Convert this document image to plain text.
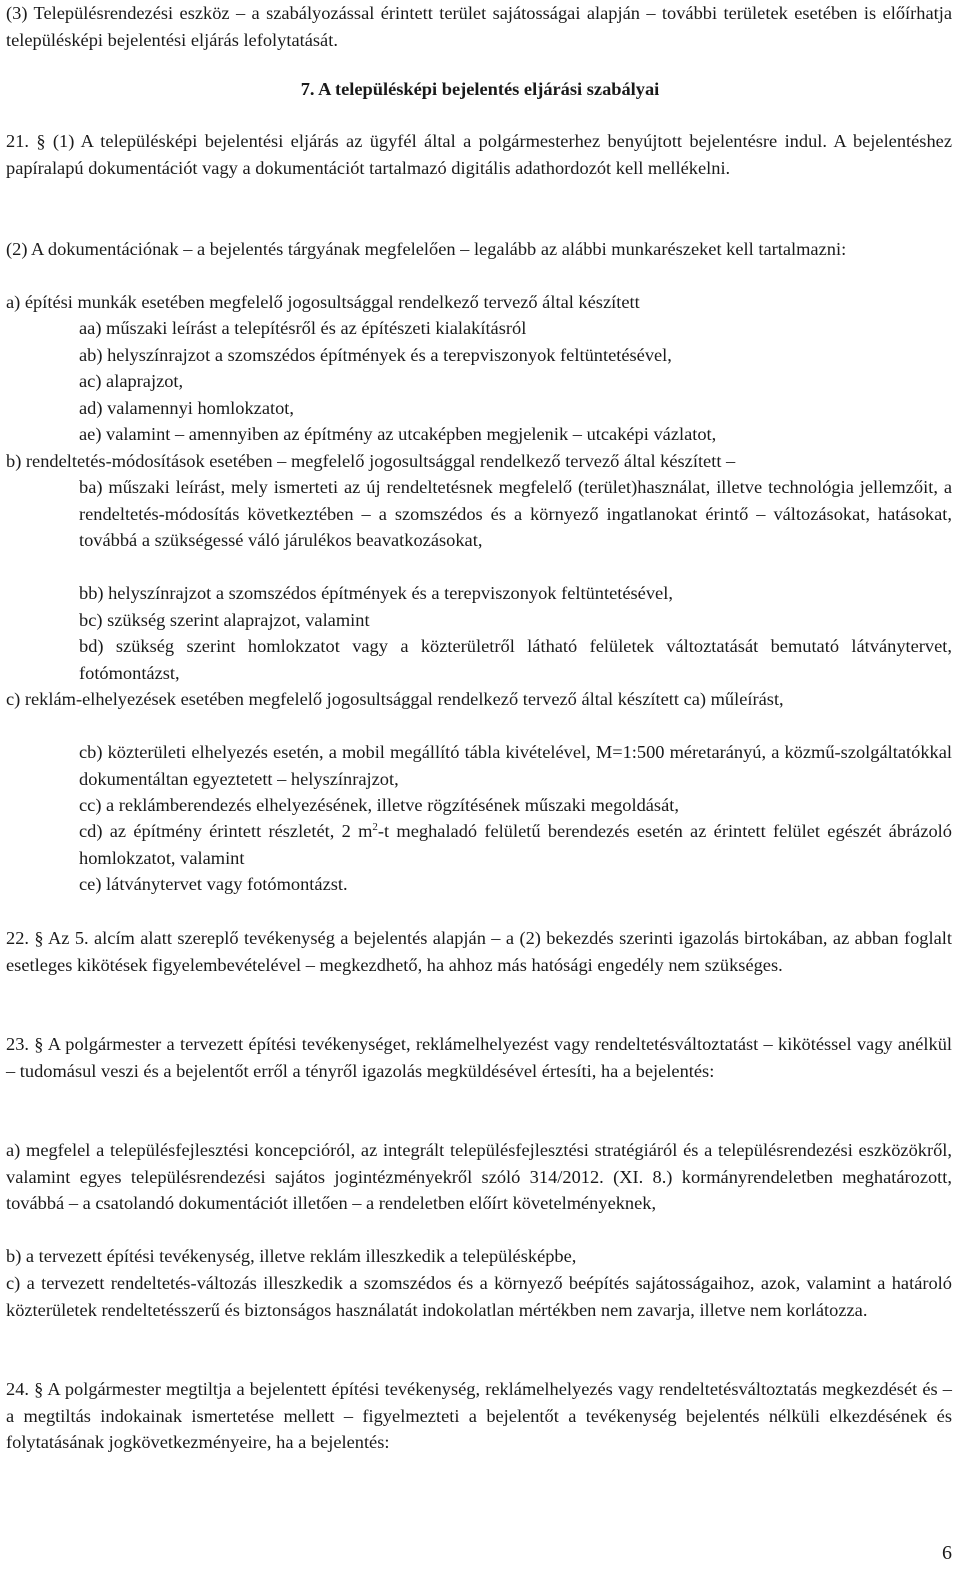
(3) Településrendezési eszköz – a szabályozással érintett terület sajátosságai alapján – további területek esetében is előírhatja településképi bejelentési eljárás lefolytatását.

7. A településképi bejelentés eljárási szabályai

21. § (1) A településképi bejelentési eljárás az ügyfél által a polgármesterhez benyújtott bejelentésre indul. A bejelentéshez papíralapú dokumentációt vagy a dokumentációt tartalmazó digitális adathordozót kell mellékelni.

(2) A dokumentációnak – a bejelentés tárgyának megfelelően – legalább az alábbi munkarészeket kell tartalmazni:

a) építési munkák esetében megfelelő jogosultsággal rendelkező tervező által készített
aa) műszaki leírást a telepítésről és az építészeti kialakításról
ab) helyszínrajzot a szomszédos építmények és a terepviszonyok feltüntetésével,
ac) alaprajzot,
ad) valamennyi homlokzatot,
ae) valamint – amennyiben az építmény az utcaképben megjelenik – utcaképi vázlatot,
b) rendeltetés-módosítások esetében – megfelelő jogosultsággal rendelkező tervező által készített –

ba) műszaki leírást, mely ismerteti az új rendeltetésnek megfelelő (terület)használat, illetve technológia jellemzőit, a rendeltetés-módosítás következtében – a szomszédos és a környező ingatlanokat érintő – változásokat, hatásokat, továbbá a szükségessé váló járulékos beavatkozásokat,

bb) helyszínrajzot a szomszédos építmények és a terepviszonyok feltüntetésével,
bc) szükség szerint alaprajzot, valamint

bd) szükség szerint homlokzatot vagy a közterületről látható felületek változtatását bemutató látványtervet, fotómontázst,

c) reklám-elhelyezések esetében megfelelő jogosultsággal rendelkező tervező által készített ca) műleírást,

cb) közterületi elhelyezés esetén, a mobil megállító tábla kivételével, M=1:500 méretarányú, a közmű-szolgáltatókkal dokumentáltan egyeztetett – helyszínrajzot,

cc) a reklámberendezés elhelyezésének, illetve rögzítésének műszaki megoldását,

cd) az építmény érintett részletét, 2 $m^2-t$ meghaladó felületű berendezés esetén az érintett felület egészét ábrázoló homlokzatot, valamint

ce) látványtervet vagy fotómontázst.

22. § Az 5. alcím alatt szereplő tevékenység a bejelentés alapján – a (2) bekezdés szerinti igazolás birtokában, az abban foglalt esetleges kikötések figyelembevételével – megkezdhető, ha ahhoz más hatósági engedély nem szükséges.

23. § A polgármester a tervezett építési tevékenységet, reklámelhelyezést vagy rendeltetésváltoztatást – kikötéssel vagy anélkül – tudomásul veszi és a bejelentőt erről a tényről igazolás megküldésével értesíti, ha a bejelentés:

a) megfelel a településfejlesztési koncepcióról, az integrált településfejlesztési stratégiáról és a településrendezési eszközökről, valamint egyes településrendezési sajátos jogintézményekről szóló 314/2012. (XI. 8.) kormányrendeletben meghatározott, továbbá – a csatolandó dokumentációt illetően – a rendeletben előírt követelményeknek,

b) a tervezett építési tevékenység, illetve reklám illeszkedik a településképbe,

c) a tervezett rendeltetés-változás illeszkedik a szomszédos és a környező beépítés sajátosságaihoz, azok, valamint a határoló közterületek rendeltetésszerű és biztonságos használatát indokolatlan mértékben nem zavarja, illetve nem korlátozza.

24. § A polgármester megtiltja a bejelentett építési tevékenység, reklámelhelyezés vagy rendeltetésváltoztatás megkezdését és – a megtiltás indokainak ismertetése mellett – figyelmezteti a bejelentőt a tevékenység bejelentés nélküli elkezdésének és folytatásának jogkövetkezményeire, ha a bejelentés:

6
